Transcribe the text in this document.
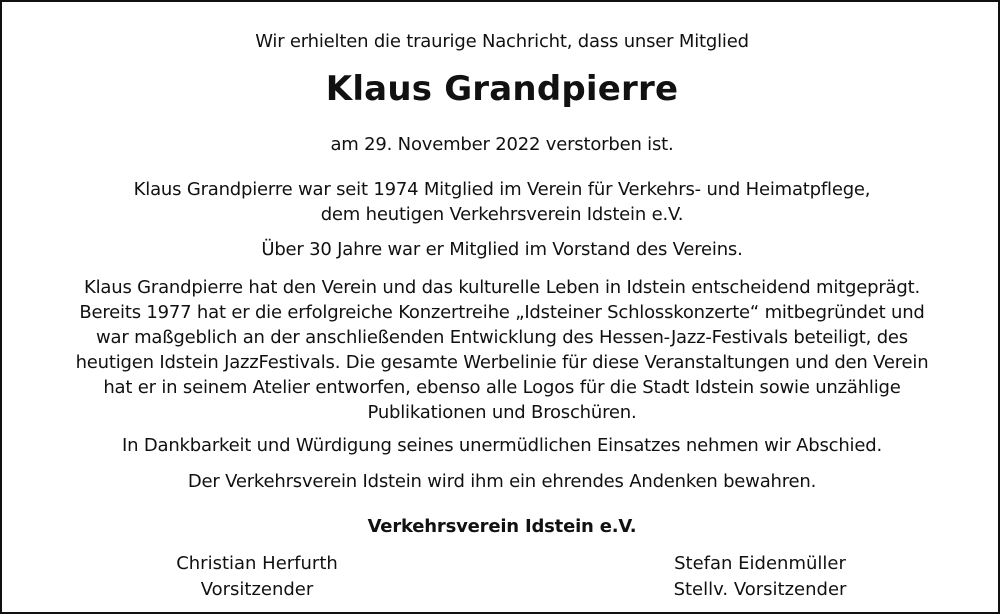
Wir erhielten die traurige Nachricht, dass unser Mitglied
Klaus Grandpierre
am 29. November 2022 verstorben ist.
Klaus Grandpierre war seit 1974 Mitglied im Verein für Verkehrs- und Heimatpflege,
dem heutigen Verkehrsverein Idstein e.V.
Über 30 Jahre war er Mitglied im Vorstand des Vereins.
Klaus Grandpierre hat den Verein und das kulturelle Leben in Idstein entscheidend mitgeprägt.
Bereits 1977 hat er die erfolgreiche Konzertreihe „Idsteiner Schlosskonzerte“ mitbegründet und
war maßgeblich an der anschließenden Entwicklung des Hessen-Jazz-Festivals beteiligt, des
heutigen Idstein JazzFestivals. Die gesamte Werbelinie für diese Veranstaltungen und den Verein
hat er in seinem Atelier entworfen, ebenso alle Logos für die Stadt Idstein sowie unzählige
Publikationen und Broschüren.
In Dankbarkeit und Würdigung seines unermüdlichen Einsatzes nehmen wir Abschied.
Der Verkehrsverein Idstein wird ihm ein ehrendes Andenken bewahren.
Verkehrsverein Idstein e.V.
Christian Herfurth
Vorsitzender
Stefan Eidenmüller
Stellv. Vorsitzender
